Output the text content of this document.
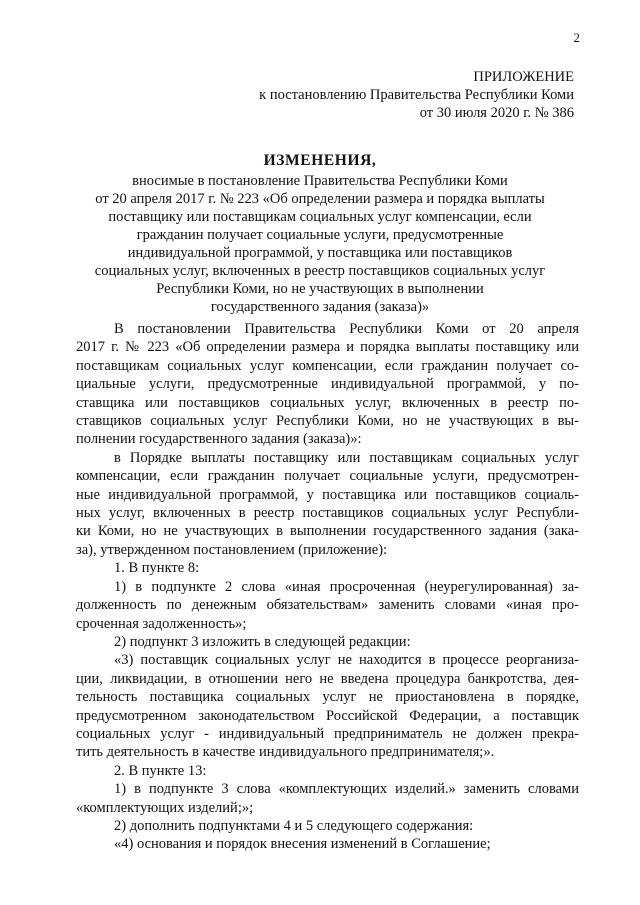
2
ПРИЛОЖЕНИЕ
к постановлению Правительства Республики Коми
от 30 июля 2020 г. № 386
ИЗМЕНЕНИЯ,
вносимые в постановление Правительства Республики Коми
от 20 апреля 2017 г. № 223 «Об определении размера и порядка выплаты
поставщику или поставщикам социальных услуг компенсации, если
гражданин получает социальные услуги, предусмотренные
индивидуальной программой, у поставщика или поставщиков
социальных услуг, включенных в реестр поставщиков социальных услуг
Республики Коми, но не участвующих в выполнении
государственного задания (заказа)»
В постановлении Правительства Республики Коми от 20 апреля
2017 г. № 223 «Об определении размера и порядка выплаты поставщику или
поставщикам социальных услуг компенсации, если гражданин получает со-
циальные услуги, предусмотренные индивидуальной программой, у по-
ставщика или поставщиков социальных услуг, включенных в реестр по-
ставщиков социальных услуг Республики Коми, но не участвующих в вы-
полнении государственного задания (заказа)»:
в Порядке выплаты поставщику или поставщикам социальных услуг
компенсации, если гражданин получает социальные услуги, предусмотрен-
ные индивидуальной программой, у поставщика или поставщиков социаль-
ных услуг, включенных в реестр поставщиков социальных услуг Республи-
ки Коми, но не участвующих в выполнении государственного задания (зака-
за), утвержденном постановлением (приложение):
1. В пункте 8:
1) в подпункте 2 слова «иная просроченная (неурегулированная) за-
долженность по денежным обязательствам» заменить словами «иная про-
сроченная задолженность»;
2) подпункт 3 изложить в следующей редакции:
«3) поставщик социальных услуг не находится в процессе реорганиза-
ции, ликвидации, в отношении него не введена процедура банкротства, дея-
тельность поставщика социальных услуг не приостановлена в порядке,
предусмотренном законодательством Российской Федерации, а поставщик
социальных услуг - индивидуальный предприниматель не должен прекра-
тить деятельность в качестве индивидуального предпринимателя;».
2. В пункте 13:
1) в подпункте 3 слова «комплектующих изделий.» заменить словами
«комплектующих изделий;»;
2) дополнить подпунктами 4 и 5 следующего содержания:
«4) основания и порядок внесения изменений в Соглашение;
